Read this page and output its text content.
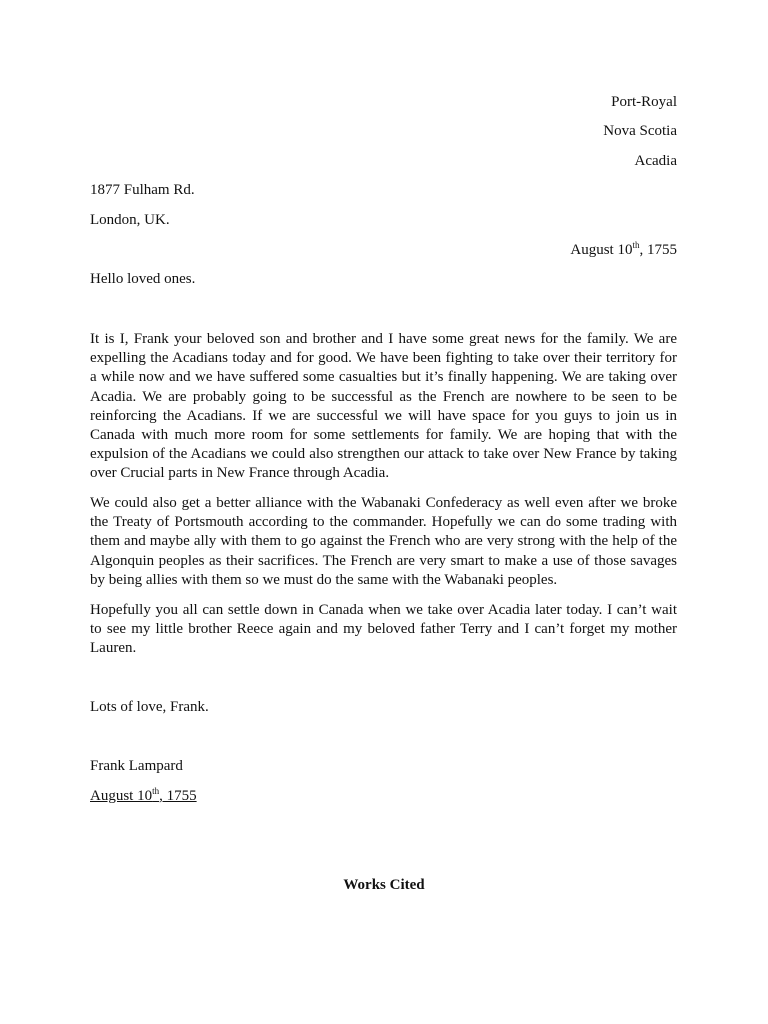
Port-Royal
Nova Scotia
Acadia
1877 Fulham Rd.
London, UK.
August 10th, 1755
Hello loved ones.
It is I, Frank your beloved son and brother and I have some great news for the family. We are
expelling the Acadians today and for good. We have been fighting to take over their territory for
a while now and we have suffered some casualties but it’s finally happening. We are taking over
Acadia. We are probably going to be successful as the French are nowhere to be seen to be
reinforcing the Acadians. If we are successful we will have space for you guys to join us in
Canada with much more room for some settlements for family. We are hoping that with the
expulsion of the Acadians we could also strengthen our attack to take over New France by taking
over Crucial parts in New France through Acadia.
We could also get a better alliance with the Wabanaki Confederacy as well even after we broke
the Treaty of Portsmouth according to the commander. Hopefully we can do some trading with
them and maybe ally with them to go against the French who are very strong with the help of the
Algonquin peoples as their sacrifices. The French are very smart to make a use of those savages
by being allies with them so we must do the same with the Wabanaki peoples.
Hopefully you all can settle down in Canada when we take over Acadia later today. I can’t wait
to see my little brother Reece again and my beloved father Terry and I can’t forget my mother
Lauren.
Lots of love, Frank.
Frank Lampard
August 10th, 1755
Works Cited
